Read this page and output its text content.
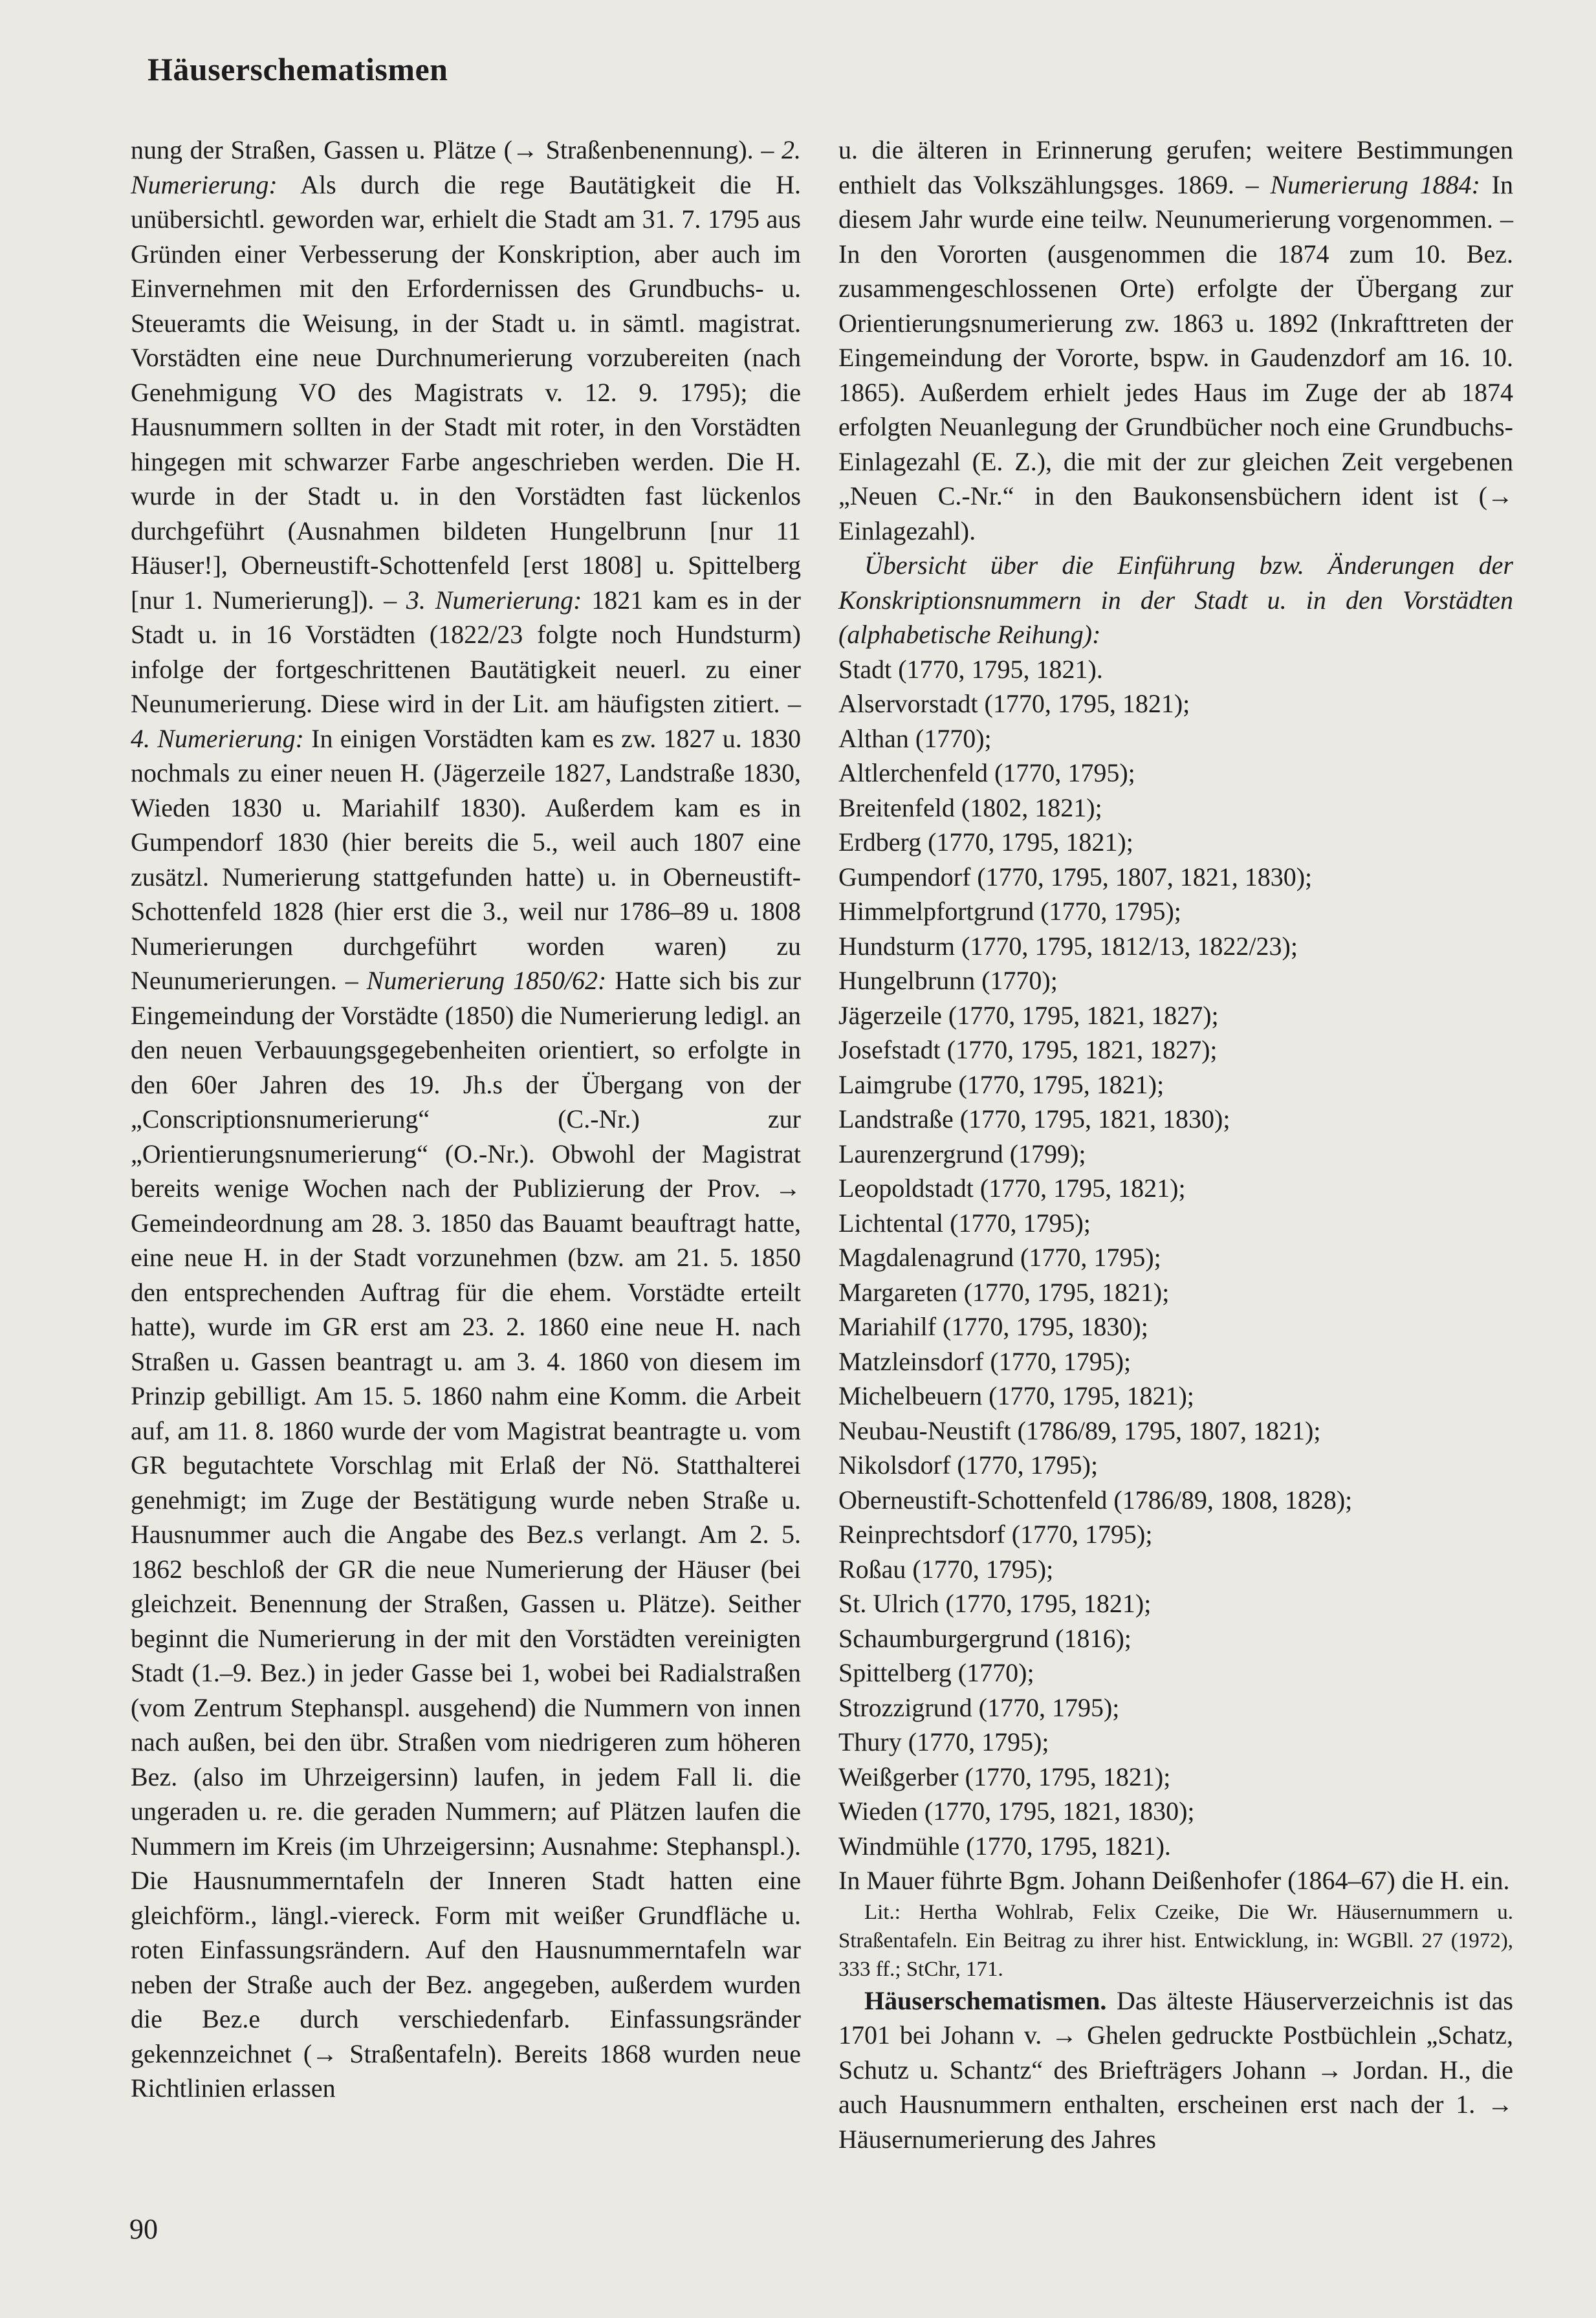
Häuserschematismen

nung der Straßen, Gassen u. Plätze (→ Straßenbenennung). – 2. Numerierung: Als durch die rege Bautätigkeit die H. unübersichtl. geworden war, erhielt die Stadt am 31. 7. 1795 aus Gründen einer Verbesserung der Konskription, aber auch im Einvernehmen mit den Erfordernissen des Grundbuchs- u. Steueramts die Weisung, in der Stadt u. in sämtl. magistrat. Vorstädten eine neue Durchnumerierung vorzubereiten (nach Genehmigung VO des Magistrats v. 12. 9. 1795); die Hausnummern sollten in der Stadt mit roter, in den Vorstädten hingegen mit schwarzer Farbe angeschrieben werden. Die H. wurde in der Stadt u. in den Vorstädten fast lückenlos durchgeführt (Ausnahmen bildeten Hungelbrunn [nur 11 Häuser!], Oberneustift-Schottenfeld [erst 1808] u. Spittelberg [nur 1. Numerierung]). – 3. Numerierung: 1821 kam es in der Stadt u. in 16 Vorstädten (1822/23 folgte noch Hundsturm) infolge der fortgeschrittenen Bautätigkeit neuerl. zu einer Neunumerierung. Diese wird in der Lit. am häufigsten zitiert. – 4. Numerierung: In einigen Vorstädten kam es zw. 1827 u. 1830 nochmals zu einer neuen H. (Jägerzeile 1827, Landstraße 1830, Wieden 1830 u. Mariahilf 1830). Außerdem kam es in Gumpendorf 1830 (hier bereits die 5., weil auch 1807 eine zusätzl. Numerierung stattgefunden hatte) u. in Oberneustift-Schottenfeld 1828 (hier erst die 3., weil nur 1786–89 u. 1808 Numerierungen durchgeführt worden waren) zu Neunumerierungen. – Numerierung 1850/62: Hatte sich bis zur Eingemeindung der Vorstädte (1850) die Numerierung ledigl. an den neuen Verbauungsgegebenheiten orientiert, so erfolgte in den 60er Jahren des 19. Jh.s der Übergang von der „Conscriptionsnumerierung“ (C.-Nr.) zur „Orientierungsnumerierung“ (O.-Nr.). Obwohl der Magistrat bereits wenige Wochen nach der Publizierung der Prov. → Gemeindeordnung am 28. 3. 1850 das Bauamt beauftragt hatte, eine neue H. in der Stadt vorzunehmen (bzw. am 21. 5. 1850 den entsprechenden Auftrag für die ehem. Vorstädte erteilt hatte), wurde im GR erst am 23. 2. 1860 eine neue H. nach Straßen u. Gassen beantragt u. am 3. 4. 1860 von diesem im Prinzip gebilligt. Am 15. 5. 1860 nahm eine Komm. die Arbeit auf, am 11. 8. 1860 wurde der vom Magistrat beantragte u. vom GR begutachtete Vorschlag mit Erlaß der Nö. Statthalterei genehmigt; im Zuge der Bestätigung wurde neben Straße u. Hausnummer auch die Angabe des Bez.s verlangt. Am 2. 5. 1862 beschloß der GR die neue Numerierung der Häuser (bei gleichzeit. Benennung der Straßen, Gassen u. Plätze). Seither beginnt die Numerierung in der mit den Vorstädten vereinigten Stadt (1.–9. Bez.) in jeder Gasse bei 1, wobei bei Radialstraßen (vom Zentrum Stephanspl. ausgehend) die Nummern von innen nach außen, bei den übr. Straßen vom niedrigeren zum höheren Bez. (also im Uhrzeigersinn) laufen, in jedem Fall li. die ungeraden u. re. die geraden Nummern; auf Plätzen laufen die Nummern im Kreis (im Uhrzeigersinn; Ausnahme: Stephanspl.). Die Hausnummerntafeln der Inneren Stadt hatten eine gleichförm., längl.-viereck. Form mit weißer Grundfläche u. roten Einfassungsrändern. Auf den Hausnummerntafeln war neben der Straße auch der Bez. angegeben, außerdem wurden die Bez.e durch verschiedenfarb. Einfassungsränder gekennzeichnet (→ Straßentafeln). Bereits 1868 wurden neue Richtlinien erlassen

u. die älteren in Erinnerung gerufen; weitere Bestimmungen enthielt das Volkszählungsges. 1869. – Numerierung 1884: In diesem Jahr wurde eine teilw. Neunumerierung vorgenommen. – In den Vororten (ausgenommen die 1874 zum 10. Bez. zusammengeschlossenen Orte) erfolgte der Übergang zur Orientierungsnumerierung zw. 1863 u. 1892 (Inkrafttreten der Eingemeindung der Vororte, bspw. in Gaudenzdorf am 16. 10. 1865). Außerdem erhielt jedes Haus im Zuge der ab 1874 erfolgten Neuanlegung der Grundbücher noch eine Grundbuchs-Einlagezahl (E. Z.), die mit der zur gleichen Zeit vergebenen „Neuen C.-Nr.“ in den Baukonsensbüchern ident ist (→ Einlagezahl).

Übersicht über die Einführung bzw. Änderungen der Konskriptionsnummern in der Stadt u. in den Vorstädten (alphabetische Reihung):

Stadt (1770, 1795, 1821).
Alservorstadt (1770, 1795, 1821);
Althan (1770);
Altlerchenfeld (1770, 1795);
Breitenfeld (1802, 1821);
Erdberg (1770, 1795, 1821);
Gumpendorf (1770, 1795, 1807, 1821, 1830);
Himmelpfortgrund (1770, 1795);
Hundsturm (1770, 1795, 1812/13, 1822/23);
Hungelbrunn (1770);
Jägerzeile (1770, 1795, 1821, 1827);
Josefstadt (1770, 1795, 1821, 1827);
Laimgrube (1770, 1795, 1821);
Landstraße (1770, 1795, 1821, 1830);
Laurenzergrund (1799);
Leopoldstadt (1770, 1795, 1821);
Lichtental (1770, 1795);
Magdalenagrund (1770, 1795);
Margareten (1770, 1795, 1821);
Mariahilf (1770, 1795, 1830);
Matzleinsdorf (1770, 1795);
Michelbeuern (1770, 1795, 1821);
Neubau-Neustift (1786/89, 1795, 1807, 1821);
Nikolsdorf (1770, 1795);
Oberneustift-Schottenfeld (1786/89, 1808, 1828);
Reinprechtsdorf (1770, 1795);
Roßau (1770, 1795);
St. Ulrich (1770, 1795, 1821);
Schaumburgergrund (1816);
Spittelberg (1770);
Strozzigrund (1770, 1795);
Thury (1770, 1795);
Weißgerber (1770, 1795, 1821);
Wieden (1770, 1795, 1821, 1830);
Windmühle (1770, 1795, 1821).
In Mauer führte Bgm. Johann Deißenhofer (1864–67) die H. ein.

Lit.: Hertha Wohlrab, Felix Czeike, Die Wr. Häusernummern u. Straßentafeln. Ein Beitrag zu ihrer hist. Entwicklung, in: WGBll. 27 (1972), 333 ff.; StChr, 171.

Häuserschematismen. Das älteste Häuserverzeichnis ist das 1701 bei Johann v. → Ghelen gedruckte Postbüchlein „Schatz, Schutz u. Schantz“ des Briefträgers Johann → Jordan. H., die auch Hausnummern enthalten, erscheinen erst nach der 1. → Häusernumerierung des Jahres

90
